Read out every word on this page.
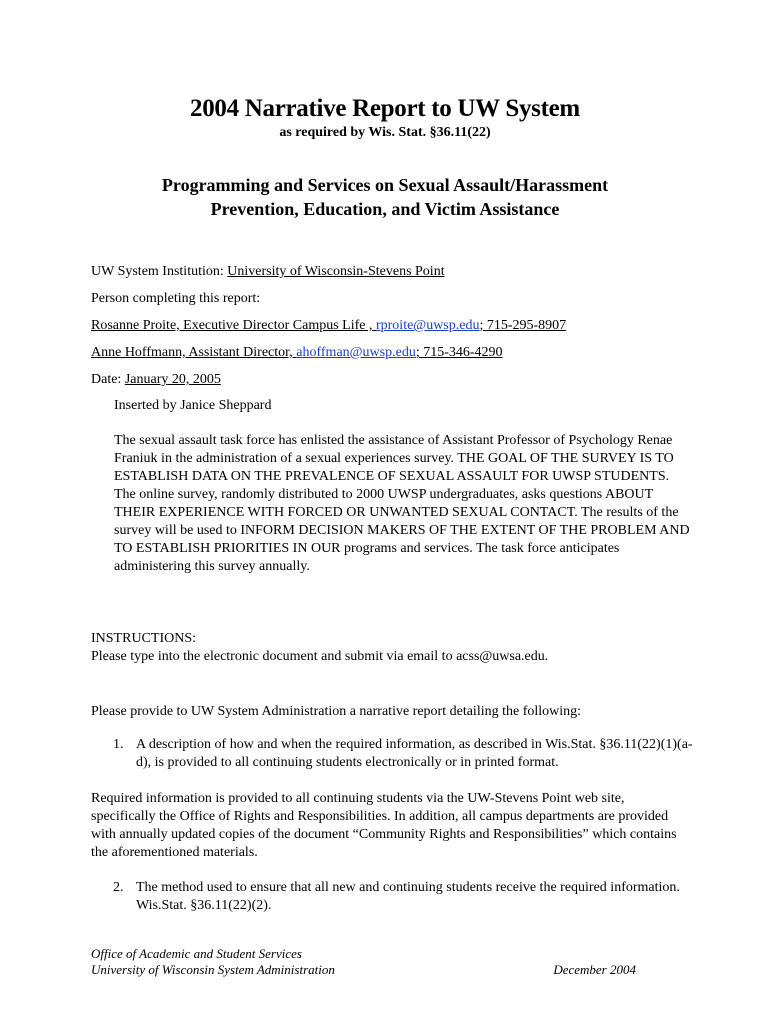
2004 Narrative Report to UW System
as required by Wis. Stat. §36.11(22)
Programming and Services on Sexual Assault/Harassment
Prevention, Education, and Victim Assistance
UW System Institution: University of Wisconsin-Stevens Point
Person completing this report:
Rosanne Proite, Executive Director Campus Life , rproite@uwsp.edu; 715-295-8907
Anne Hoffmann, Assistant Director, ahoffman@uwsp.edu; 715-346-4290
Date: January 20, 2005
Inserted by Janice Sheppard
The sexual assault task force has enlisted the assistance of Assistant Professor of Psychology Renae Franiuk in the administration of a sexual experiences survey. THE GOAL OF THE SURVEY IS TO ESTABLISH DATA ON THE PREVALENCE OF SEXUAL ASSAULT FOR UWSP STUDENTS. The online survey, randomly distributed to 2000 UWSP undergraduates, asks questions ABOUT THEIR EXPERIENCE WITH FORCED OR UNWANTED SEXUAL CONTACT. The results of the survey will be used to INFORM DECISION MAKERS OF THE EXTENT OF THE PROBLEM AND TO ESTABLISH PRIORITIES IN OUR programs and services. The task force anticipates administering this survey annually.
INSTRUCTIONS:
Please type into the electronic document and submit via email to acss@uwsa.edu.
Please provide to UW System Administration a narrative report detailing the following:
1. A description of how and when the required information, as described in Wis.Stat. §36.11(22)(1)(a-d), is provided to all continuing students electronically or in printed format.
Required information is provided to all continuing students via the UW-Stevens Point web site, specifically the Office of Rights and Responsibilities. In addition, all campus departments are provided with annually updated copies of the document “Community Rights and Responsibilities” which contains the aforementioned materials.
2. The method used to ensure that all new and continuing students receive the required information. Wis.Stat. §36.11(22)(2).
Office of Academic and Student Services
University of Wisconsin System Administration	December 2004
